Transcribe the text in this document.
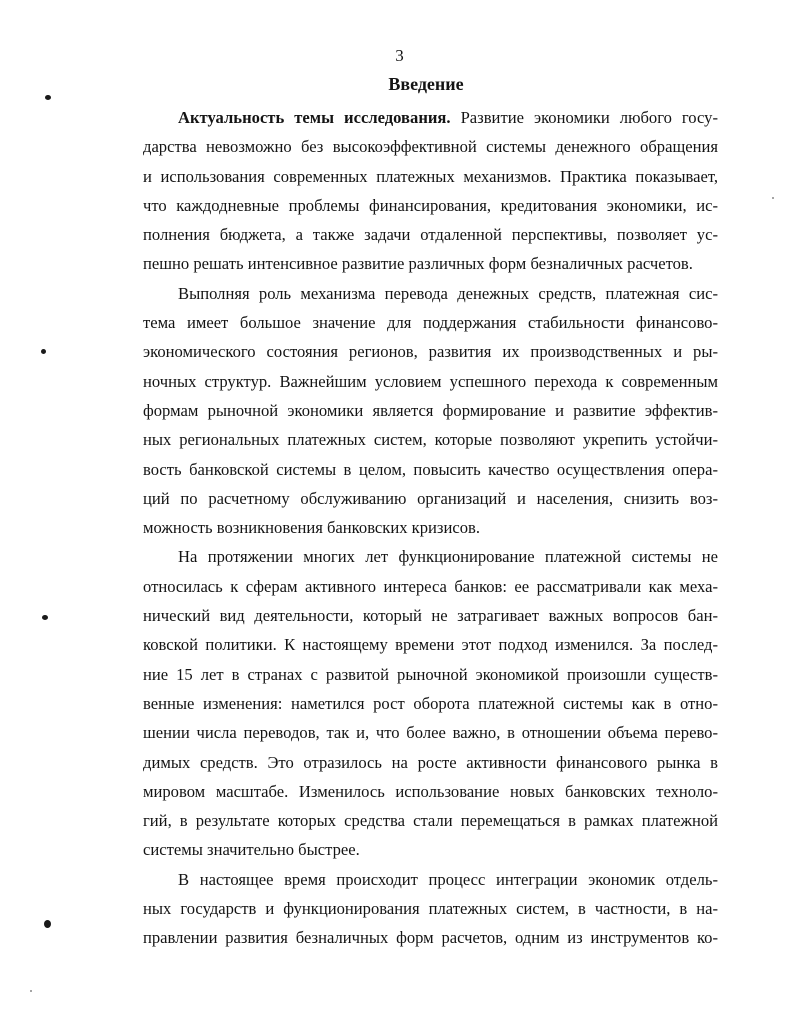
3
Введение
Актуальность темы исследования. Развитие экономики любого госу-
дарства невозможно без высокоэффективной системы денежного обращения
и использования современных платежных механизмов. Практика показывает,
что каждодневные проблемы финансирования, кредитования экономики, ис-
полнения бюджета, а также задачи отдаленной перспективы, позволяет ус-
пешно решать интенсивное развитие различных форм безналичных расчетов.
Выполняя роль механизма перевода денежных средств, платежная сис-
тема имеет большое значение для поддержания стабильности финансово-
экономического состояния регионов, развития их производственных и ры-
ночных структур. Важнейшим условием успешного перехода к современным
формам рыночной экономики является формирование и развитие эффектив-
ных региональных платежных систем, которые позволяют укрепить устойчи-
вость банковской системы в целом, повысить качество осуществления опера-
ций по расчетному обслуживанию организаций и населения, снизить воз-
можность возникновения банковских кризисов.
На протяжении многих лет функционирование платежной системы не
относилась к сферам активного интереса банков: ее рассматривали как меха-
нический вид деятельности, который не затрагивает важных вопросов бан-
ковской политики. К настоящему времени этот подход изменился. За послед-
ние 15 лет в странах с развитой рыночной экономикой произошли существ-
венные изменения: наметился рост оборота платежной системы как в отно-
шении числа переводов, так и, что более важно, в отношении объема перево-
димых средств. Это отразилось на росте активности финансового рынка в
мировом масштабе. Изменилось использование новых банковских техноло-
гий, в результате которых средства стали перемещаться в рамках платежной
системы значительно быстрее.
В настоящее время происходит процесс интеграции экономик отдель-
ных государств и функционирования платежных систем, в частности, в на-
правлении развития безналичных форм расчетов, одним из инструментов ко-
